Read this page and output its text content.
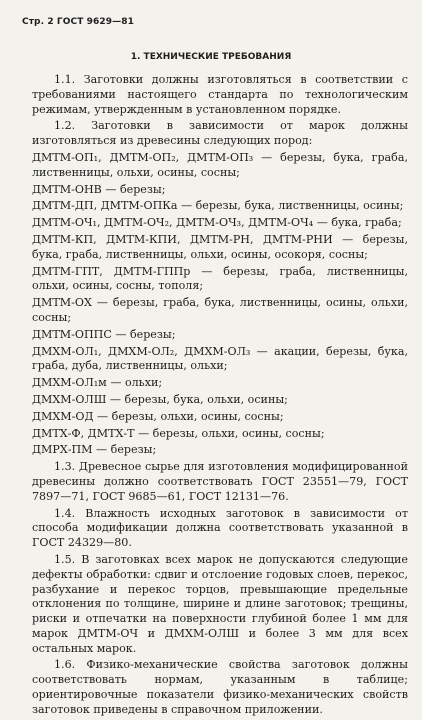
Стр. 2 ГОСТ 9629—81
1. ТЕХНИЧЕСКИЕ ТРЕБОВАНИЯ

1.1. Заготовки должны изготовляться в соответствии с требованиями настоящего стандарта по технологическим режимам, утвержденным в установленном порядке.

1.2. Заготовки в зависимости от марок должны изготовляться из древесины следующих пород:

ДМТМ-ОП₁, ДМТМ-ОП₂, ДМТМ-ОП₃ — березы, бука, граба, лиственницы, ольхи, осины, сосны;

ДМТМ-ОНВ — березы;

ДМТМ-ДП, ДМТМ-ОПКа — березы, бука, лиственницы, осины;

ДМТМ-ОЧ₁, ДМТМ-ОЧ₂, ДМТМ-ОЧ₃, ДМТМ-ОЧ₄ — бука, граба;

ДМТМ-КП, ДМТМ-КПИ, ДМТМ-РН, ДМТМ-РНИ — березы, бука, граба, лиственницы, ольхи, осины, осокоря, сосны;

ДМТМ-ГПТ, ДМТМ-ГППр — березы, граба, лиственницы, ольхи, осины, сосны, тополя;

ДМТМ-ОХ — березы, граба, бука, лиственницы, осины, ольхи, сосны;

ДМТМ-ОППС — березы;

ДМХМ-ОЛ₁, ДМХМ-ОЛ₂, ДМХМ-ОЛ₃ — акации, березы, бука, граба, дуба, лиственницы, ольхи;

ДМХМ-ОЛ₁м — ольхи;

ДМХМ-ОЛШ — березы, бука, ольхи, осины;

ДМХМ-ОД — березы, ольхи, осины, сосны;

ДМТХ-Ф, ДМТХ-Т — березы, ольхи, осины, сосны;

ДМРХ-ПМ — березы;

1.3. Древесное сырье для изготовления модифицированной древесины должно соответствовать ГОСТ 23551—79, ГОСТ 7897—71, ГОСТ 9685—61, ГОСТ 12131—76.

1.4. Влажность исходных заготовок в зависимости от способа модификации должна соответствовать указанной в ГОСТ 24329—80.

1.5. В заготовках всех марок не допускаются следующие дефекты обработки: сдвиг и отслоение годовых слоев, перекос, разбухание и перекос торцов, превышающие предельные отклонения по толщине, ширине и длине заготовок; трещины, риски и отпечатки на поверхности глубиной более 1 мм для марок ДМТМ-ОЧ и ДМХМ-ОЛШ и более 3 мм для всех остальных марок.

1.6. Физико-механические свойства заготовок должны соответствовать нормам, указанным в таблице; ориентировочные показатели физико-механических свойств заготовок приведены в справочном приложении.
